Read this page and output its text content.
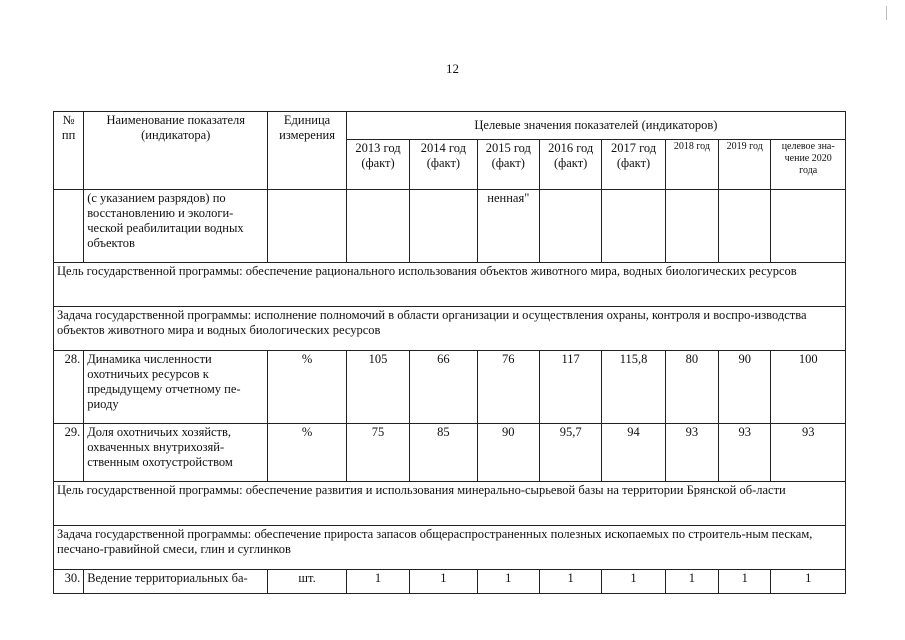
12
№ пп	Наименование показателя (индикатора)	Единица измерения	Целевые значения показателей (индикаторов)							
			2013 год (факт)	2014 год (факт)	2015 год (факт)	2016 год (факт)	2017 год (факт)	2018 год	2019 год	целевое зна-чение 2020 года
	(с указанием разрядов) по восстановлению и экологи-ческой реабилитации водных объектов				ненная"					
Цель государственной программы: обеспечение рационального использования объектов животного мира, водных биологических ресурсов										
Задача государственной программы: исполнение полномочий в области организации и осуществления охраны, контроля и воспро-изводства объектов животного мира и водных биологических ресурсов										
28.	Динамика численности охотничьих ресурсов к предыдущему отчетному пе-риоду	%	105	66	76	117	115,8	80	90	100
29.	Доля охотничьих хозяйств, охваченных внутрихозяй-ственным охотустройством	%	75	85	90	95,7	94	93	93	93
Цель государственной программы: обеспечение развития и использования минерально-сырьевой базы на территории Брянской об-ласти										
Задача государственной программы: обеспечение прироста запасов общераспространенных полезных ископаемых по строитель-ным пескам, песчано-гравийной смеси, глин и суглинков										
30.	Ведение территориальных ба-	шт.	1	1	1	1	1	1	1	1
